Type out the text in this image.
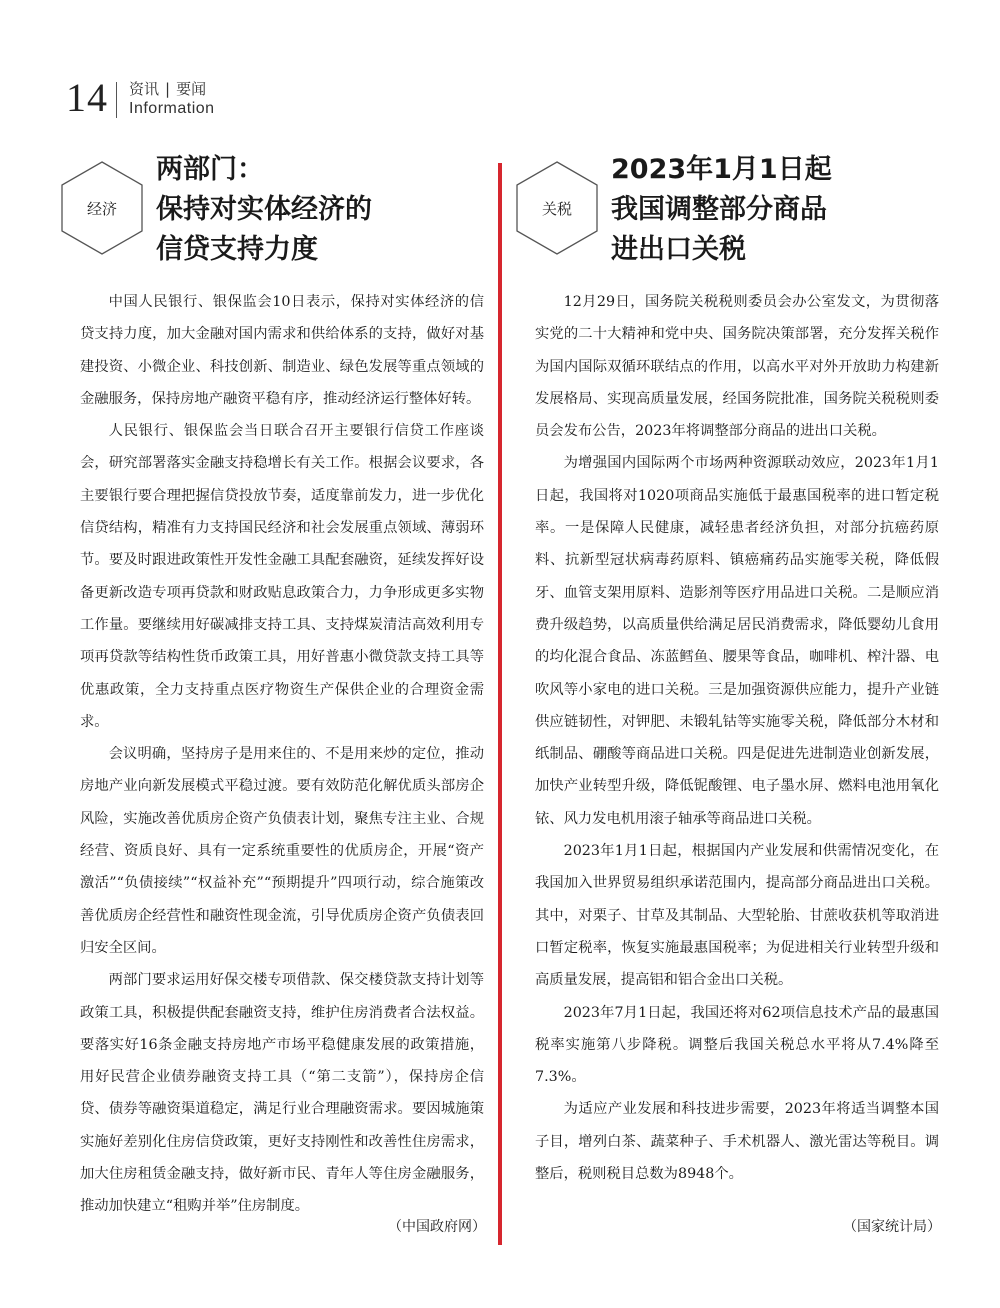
14 资讯 | 要闻
Information
经济
两部门：
保持对实体经济的
信贷支持力度

中国人民银行、银保监会10日表示，保持对实体经济的信贷支持力度，加大金融对国内需求和供给体系的支持，做好对基建投资、小微企业、科技创新、制造业、绿色发展等重点领域的金融服务，保持房地产融资平稳有序，推动经济运行整体好转。

人民银行、银保监会当日联合召开主要银行信贷工作座谈会，研究部署落实金融支持稳增长有关工作。根据会议要求，各主要银行要合理把握信贷投放节奏，适度靠前发力，进一步优化信贷结构，精准有力支持国民经济和社会发展重点领域、薄弱环节。要及时跟进政策性开发性金融工具配套融资，延续发挥好设备更新改造专项再贷款和财政贴息政策合力，力争形成更多实物工作量。要继续用好碳减排支持工具、支持煤炭清洁高效利用专项再贷款等结构性货币政策工具，用好普惠小微贷款支持工具等优惠政策，全力支持重点医疗物资生产保供企业的合理资金需求。

会议明确，坚持房子是用来住的、不是用来炒的定位，推动房地产业向新发展模式平稳过渡。要有效防范化解优质头部房企风险，实施改善优质房企资产负债表计划，聚焦专注主业、合规经营、资质良好、具有一定系统重要性的优质房企，开展“资产激活”“负债接续”“权益补充”“预期提升”四项行动，综合施策改善优质房企经营性和融资性现金流，引导优质房企资产负债表回归安全区间。

两部门要求运用好保交楼专项借款、保交楼贷款支持计划等政策工具，积极提供配套融资支持，维护住房消费者合法权益。要落实好16条金融支持房地产市场平稳健康发展的政策措施，用好民营企业债券融资支持工具（“第二支箭”），保持房企信贷、债券等融资渠道稳定，满足行业合理融资需求。要因城施策实施好差别化住房信贷政策，更好支持刚性和改善性住房需求，加大住房租赁金融支持，做好新市民、青年人等住房金融服务，推动加快建立“租购并举”住房制度。

（中国政府网）
关税
2023年1月1日起
我国调整部分商品
进出口关税

12月29日，国务院关税税则委员会办公室发文，为贯彻落实党的二十大精神和党中央、国务院决策部署，充分发挥关税作为国内国际双循环联结点的作用，以高水平对外开放助力构建新发展格局、实现高质量发展，经国务院批准，国务院关税税则委员会发布公告，2023年将调整部分商品的进出口关税。

为增强国内国际两个市场两种资源联动效应，2023年1月1日起，我国将对1020项商品实施低于最惠国税率的进口暂定税率。一是保障人民健康，减轻患者经济负担，对部分抗癌药原料、抗新型冠状病毒药原料、镇癌痛药品实施零关税，降低假牙、血管支架用原料、造影剂等医疗用品进口关税。二是顺应消费升级趋势，以高质量供给满足居民消费需求，降低婴幼儿食用的均化混合食品、冻蓝鳕鱼、腰果等食品，咖啡机、榨汁器、电吹风等小家电的进口关税。三是加强资源供应能力，提升产业链供应链韧性，对钾肥、未锻轧钴等实施零关税，降低部分木材和纸制品、硼酸等商品进口关税。四是促进先进制造业创新发展，加快产业转型升级，降低铌酸锂、电子墨水屏、燃料电池用氧化铱、风力发电机用滚子轴承等商品进口关税。

2023年1月1日起，根据国内产业发展和供需情况变化，在我国加入世界贸易组织承诺范围内，提高部分商品进出口关税。其中，对栗子、甘草及其制品、大型轮胎、甘蔗收获机等取消进口暂定税率，恢复实施最惠国税率；为促进相关行业转型升级和高质量发展，提高铝和铝合金出口关税。

2023年7月1日起，我国还将对62项信息技术产品的最惠国税率实施第八步降税。调整后我国关税总水平将从7.4%降至7.3%。

为适应产业发展和科技进步需要，2023年将适当调整本国子目，增列白茶、蔬菜种子、手术机器人、激光雷达等税目。调整后，税则税目总数为8948个。

（国家统计局）
